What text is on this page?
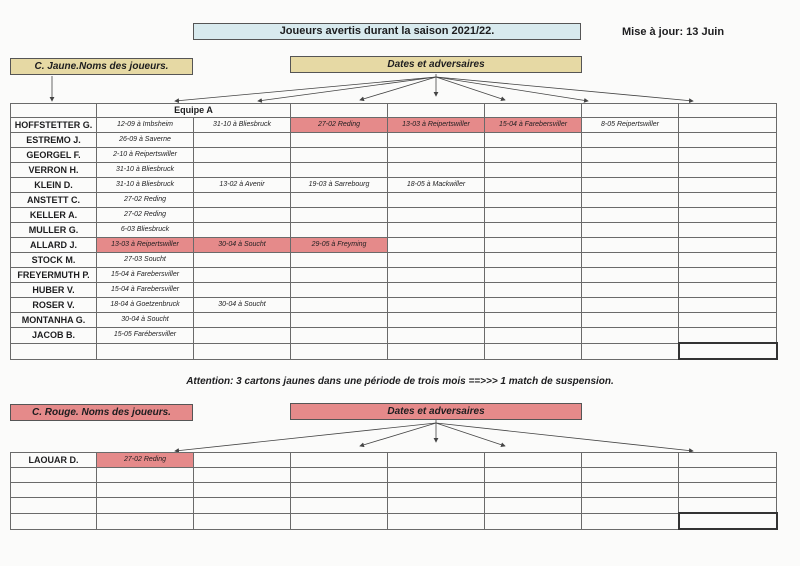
Joueurs avertis durant la saison 2021/22.	Mise à jour: 13 Juin
C. Jaune.Noms des joueurs.	Dates et adversaires
	Equipe A						
HOFFSTETTER G.	12-09 à Imbsheim	31-10 à Bliesbruck	27-02 Reding	13-03 à Reipertswiller	15-04 à Farebersviller	8-05 Reipertswiller	
ESTREMO J.	26-09 à Saverne						
GEORGEL F.	2-10 à Reipertswiller						
VERRON H.	31-10 à Bliesbruck						
KLEIN D.	31-10 à Bliesbruck	13-02 à Avenir	19-03 à Sarrebourg	18-05 à Mackwiller			
ANSTETT C.	27-02 Reding						
KELLER A.	27-02 Reding						
MULLER G.	6-03 Bliesbruck						
ALLARD J.	13-03 à Reipertswiller	30-04 à Soucht	29-05 à Freyming				
STOCK M.	27-03 Soucht						
FREYERMUTH P.	15-04 à Farebersviller						
HUBER V.	15-04 à Farebersviller						
ROSER V.	18-04 à Goetzenbruck	30-04 à Soucht					
MONTANHA G.	30-04 à Soucht						
JACOB B.	15-05 Farébersviller						

Attention: 3 cartons jaunes dans une période de trois mois ==>>> 1 match de suspension.
C. Rouge. Noms des joueurs.	Dates et adversaires
LAOUAR D.	27-02 Reding						
